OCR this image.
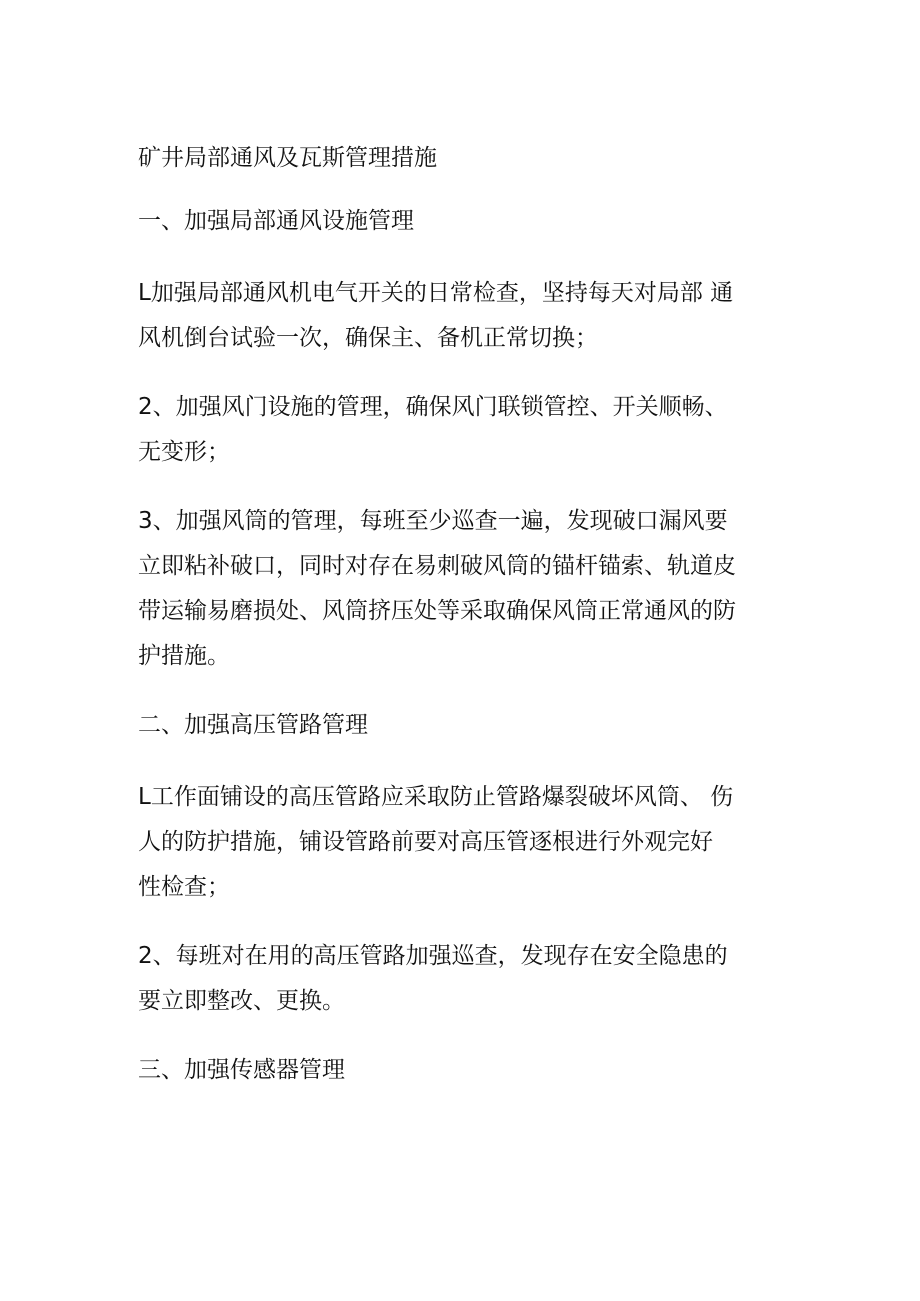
矿井局部通风及瓦斯管理措施
一、加强局部通风设施管理
L加强局部通风机电气开关的日常检查，坚持每天对局部 通
风机倒台试验一次，确保主、备机正常切换；
2、加强风门设施的管理，确保风门联锁管控、开关顺畅、
无变形；
3、加强风筒的管理，每班至少巡查一遍，发现破口漏风要
立即粘补破口，同时对存在易刺破风筒的锚杆锚索、轨道皮
带运输易磨损处、风筒挤压处等采取确保风筒正常通风的防
护措施。
二、加强高压管路管理
L工作面铺设的高压管路应采取防止管路爆裂破坏风筒、 伤
人的防护措施，铺设管路前要对高压管逐根进行外观完好
性检查；
2、每班对在用的高压管路加强巡查，发现存在安全隐患的
要立即整改、更换。
三、加强传感器管理
